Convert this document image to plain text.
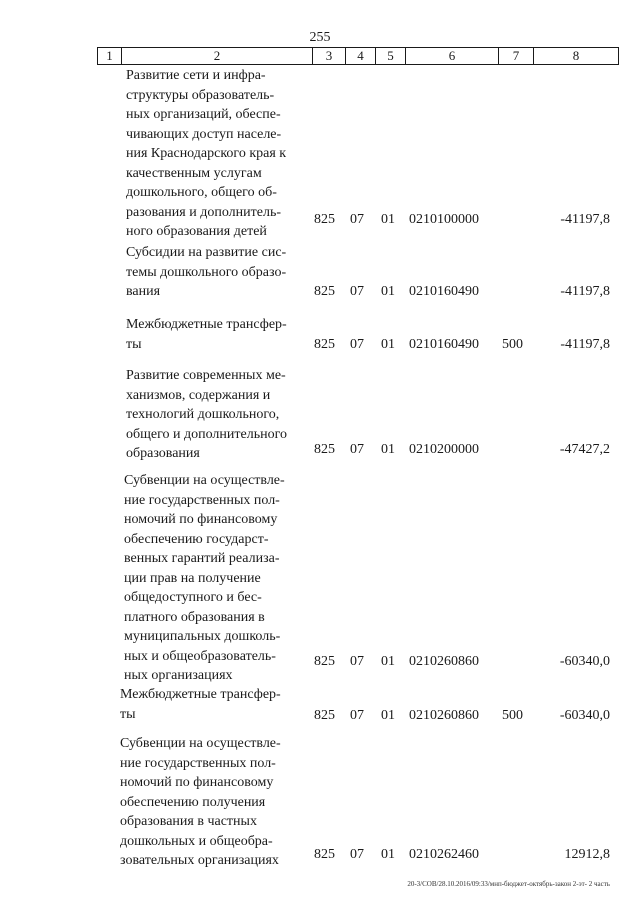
255
1	2	3	4	5	6	7	8
Развитие сети и инфра-
структуры образователь-
ных организаций, обеспе-
чивающих доступ населе-
ния Краснодарского края к
качественным услугам
дошкольного, общего об-
разования и дополнитель-
ного образования детей
825 07 01 0210100000	-41197,8
Субсидии на развитие сис-
темы дошкольного образо-
вания	825 07 01 0210160490	-41197,8
Межбюджетные трансфер-
ты	825 07 01 0210160490 500	-41197,8
Развитие современных ме-
ханизмов, содержания и
технологий дошкольного,
общего и дополнительного
образования	825 07 01 0210200000	-47427,2
Субвенции на осуществле-
ние государственных пол-
номочий по финансовому
обеспечению государст-
венных гарантий реализа-
ции прав на получение
общедоступного и бес-
платного образования в
муниципальных дошколь-
ных и общеобразователь-
ных организациях
825 07 01 0210260860	-60340,0
Межбюджетные трансфер-
ты	825 07 01 0210260860 500	-60340,0
Субвенции на осуществле-
ние государственных пол-
номочий по финансовому
обеспечению получения
образования в частных
дошкольных и общеобра-
зовательных организациях	825 07 01 0210262460	12912,8
20-3/СОВ/28.10.2016/09:33/мнп-бюджет-октябрь-закон 2-эт- 2 часть
